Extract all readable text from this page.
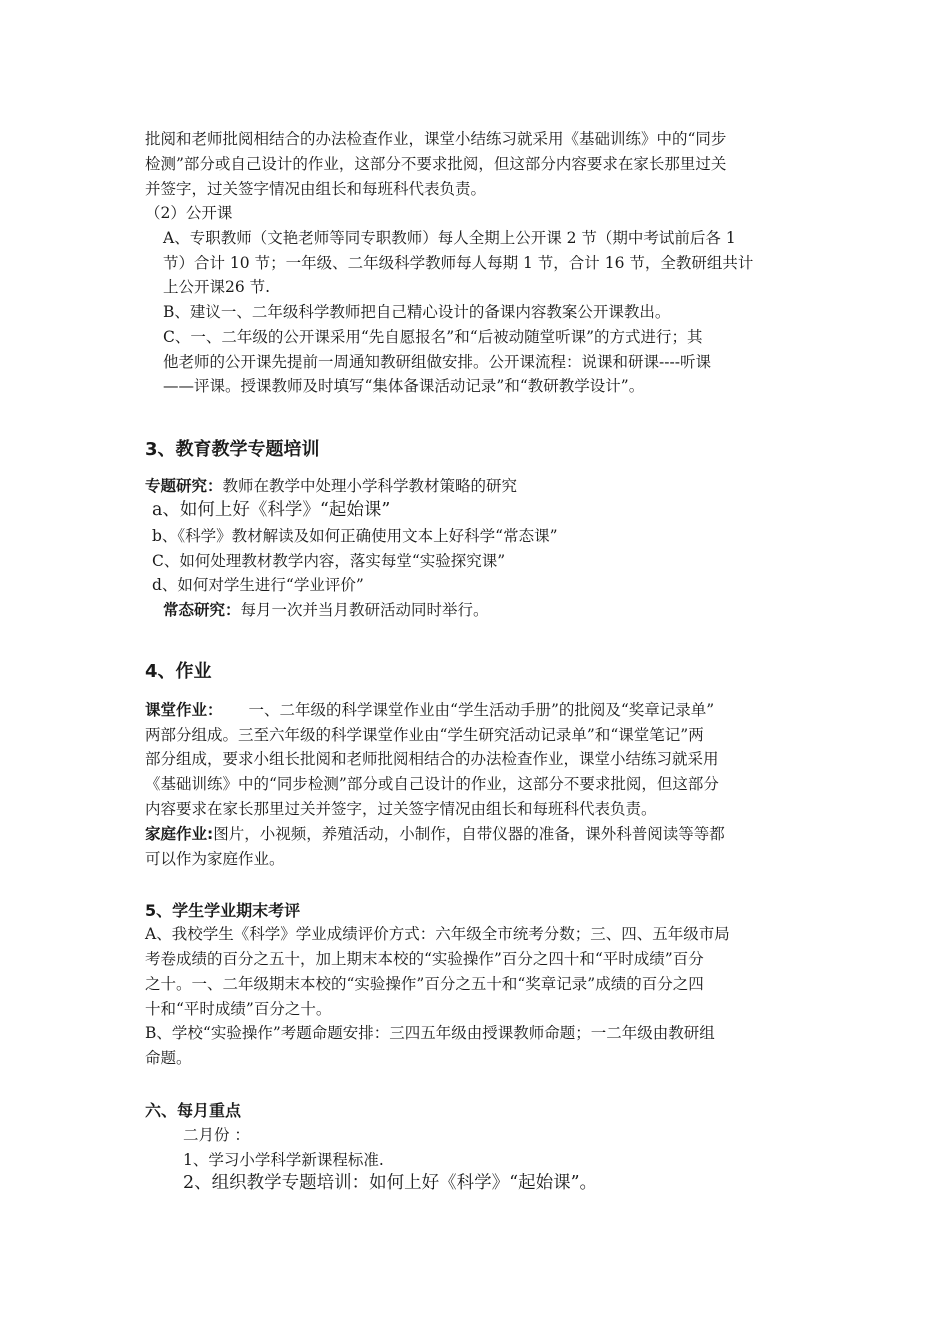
批阅和老师批阅相结合的办法检查作业，课堂小结练习就采用《基础训练》中的“同步
检测”部分或自己设计的作业，这部分不要求批阅，但这部分内容要求在家长那里过关
并签字，过关签字情况由组长和每班科代表负责。
（2）公开课
A、专职教师（文艳老师等同专职教师）每人全期上公开课 2 节（期中考试前后各 1
节）合计 10 节；一年级、二年级科学教师每人每期 1 节，合计 16 节，全教研组共计
上公开课26 节.
B、建议一、二年级科学教师把自己精心设计的备课内容教案公开课教出。
C、一、二年级的公开课采用“先自愿报名”和“后被动随堂听课”的方式进行；其
他老师的公开课先提前一周通知教研组做安排。公开课流程：说课和研课----听课
——评课。授课教师及时填写“集体备课活动记录”和“教研教学设计”。
3、教育教学专题培训
专题研究：教师在教学中处理小学科学教材策略的研究
a、如何上好《科学》“起始课”
b、《科学》教材解读及如何正确使用文本上好科学“常态课”
C、如何处理教材教学内容，落实每堂“实验探究课”
d、如何对学生进行“学业评价”
常态研究：每月一次并当月教研活动同时举行。
4、作业
课堂作业： 一、二年级的科学课堂作业由“学生活动手册”的批阅及“奖章记录单”
两部分组成。三至六年级的科学课堂作业由“学生研究活动记录单”和“课堂笔记”两
部分组成，要求小组长批阅和老师批阅相结合的办法检查作业，课堂小结练习就采用
《基础训练》中的“同步检测”部分或自己设计的作业，这部分不要求批阅，但这部分
内容要求在家长那里过关并签字，过关签字情况由组长和每班科代表负责。
家庭作业:图片，小视频，养殖活动，小制作，自带仪器的准备，课外科普阅读等等都
可以作为家庭作业。
5、学生学业期末考评
A、我校学生《科学》学业成绩评价方式：六年级全市统考分数；三、四、五年级市局
考卷成绩的百分之五十，加上期末本校的“实验操作”百分之四十和“平时成绩”百分
之十。一、二年级期末本校的“实验操作”百分之五十和“奖章记录”成绩的百分之四
十和“平时成绩”百分之十。
B、学校“实验操作”考题命题安排：三四五年级由授课教师命题；一二年级由教研组
命题。
六、每月重点
二月份 ：
1、学习小学科学新课程标准.
2、组织教学专题培训：如何上好《科学》“起始课”。
